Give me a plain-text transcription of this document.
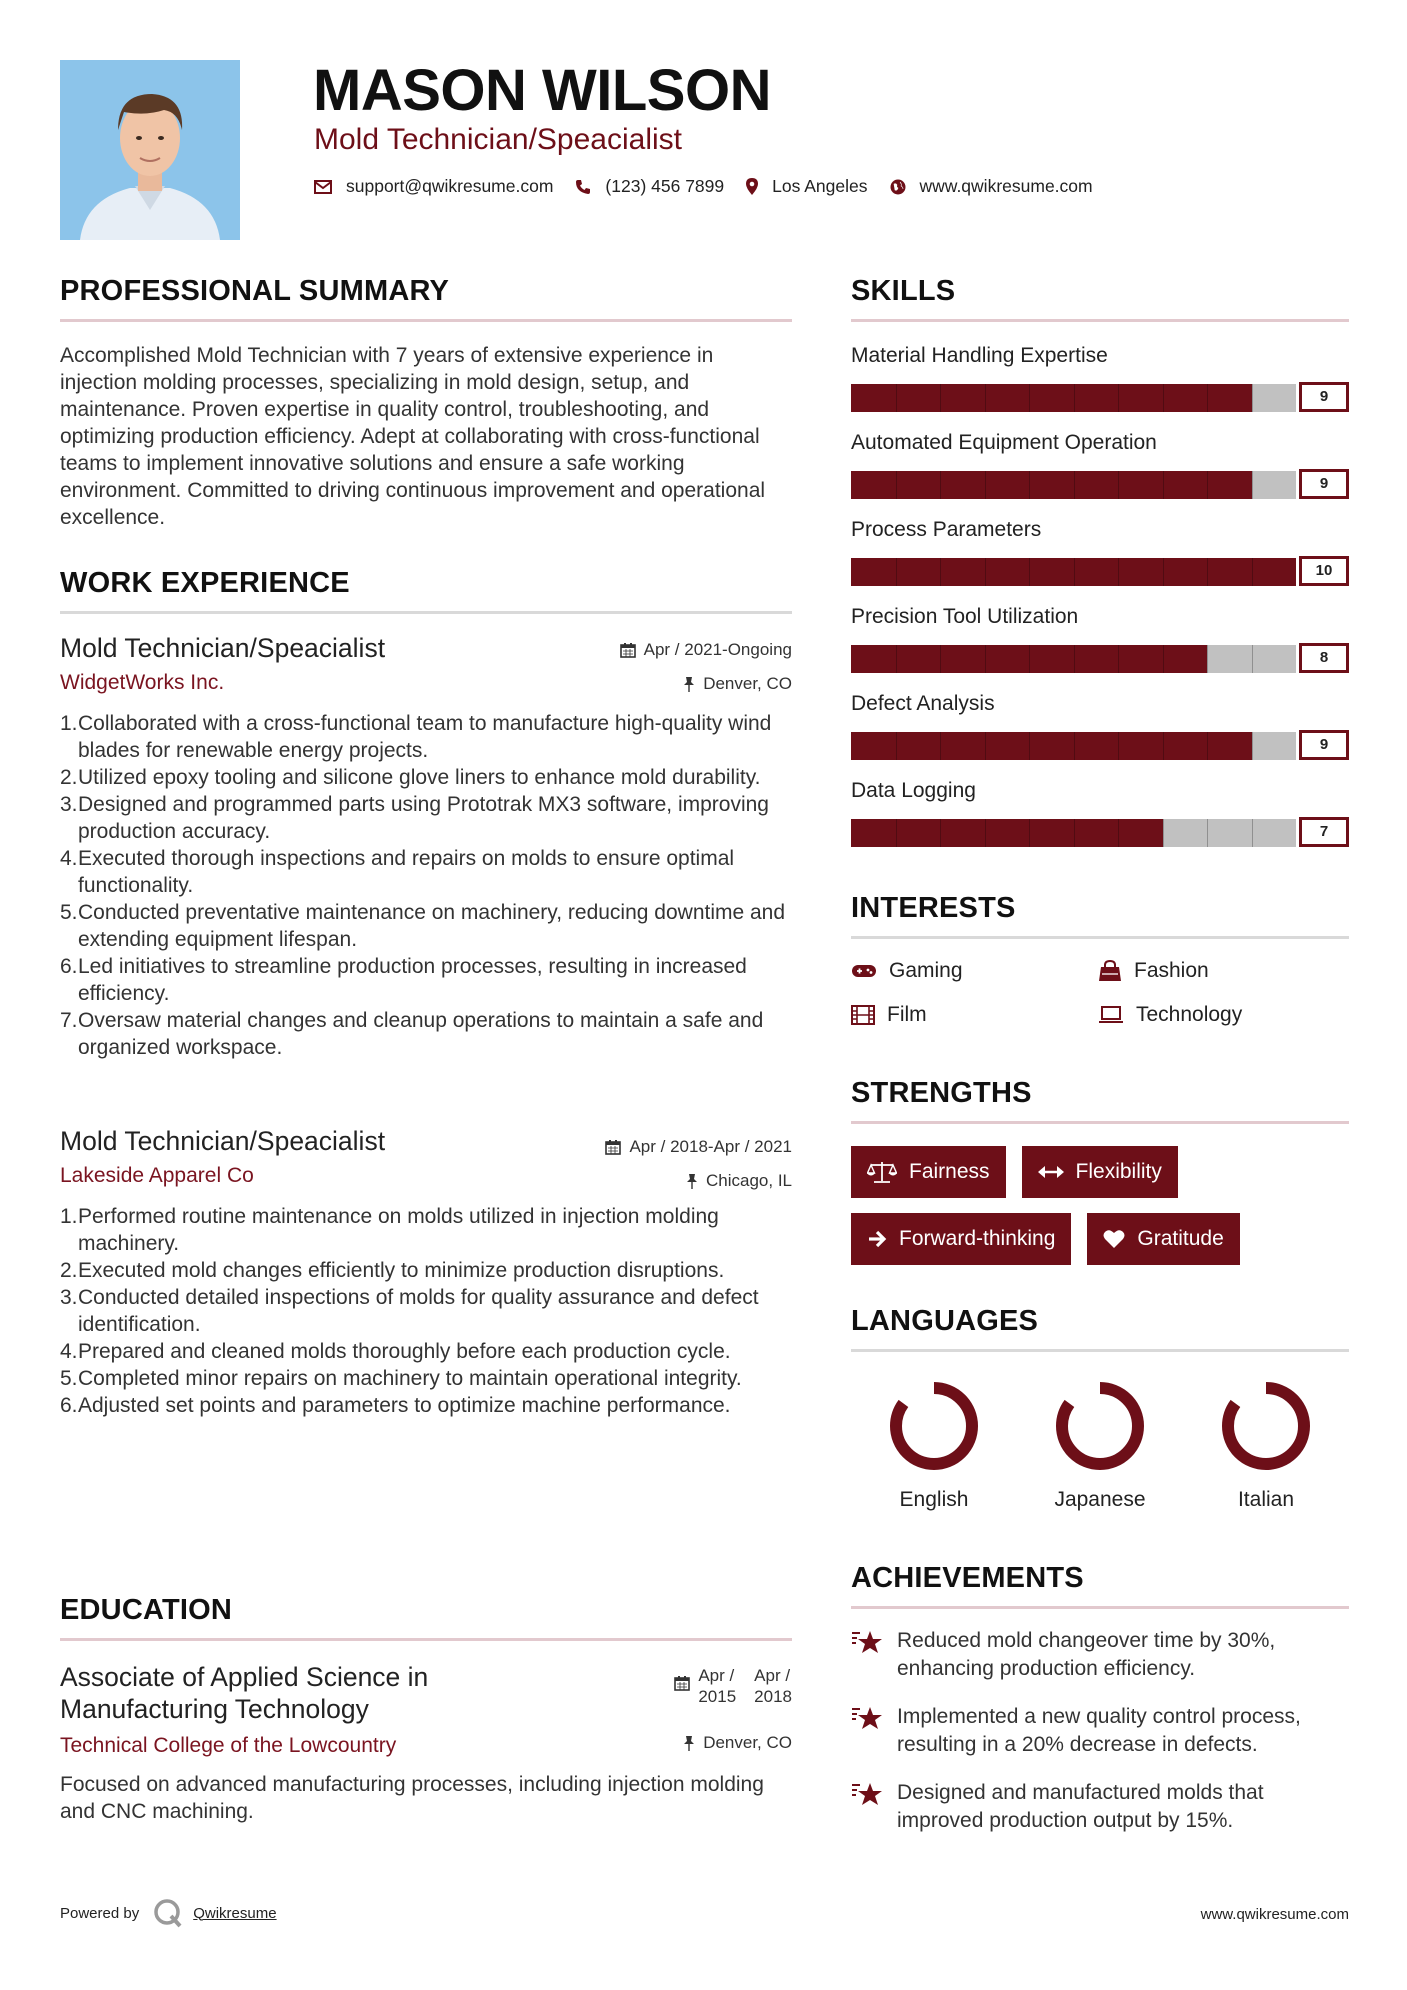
MASON WILSON
Mold Technician/Speacialist
support@qwikresume.com	(123) 456 7899	Los Angeles	www.qwikresume.com
PROFESSIONAL SUMMARY
Accomplished Mold Technician with 7 years of extensive experience in injection molding processes, specializing in mold design, setup, and maintenance. Proven expertise in quality control, troubleshooting, and optimizing production efficiency. Adept at collaborating with cross-functional teams to implement innovative solutions and ensure a safe working environment. Committed to driving continuous improvement and operational excellence.
WORK EXPERIENCE
Apr / 2021-Ongoing
Denver, CO
Mold Technician/Speacialist
WidgetWorks Inc.
1.
Collaborated with a cross-functional team to manufacture high-quality wind blades for renewable energy projects.
2.
Utilized epoxy tooling and silicone glove liners to enhance mold durability.
3.
Designed and programmed parts using Prototrak MX3 software, improving production accuracy.
4.
Executed thorough inspections and repairs on molds to ensure optimal functionality.
5.
Conducted preventative maintenance on machinery, reducing downtime and extending equipment lifespan.
6.
Led initiatives to streamline production processes, resulting in increased efficiency.
7.
Oversaw material changes and cleanup operations to maintain a safe and organized workspace.
Apr / 2018-Apr / 2021
Chicago, IL
Mold Technician/Speacialist
Lakeside Apparel Co
1.
Performed routine maintenance on molds utilized in injection molding machinery.
2.
Executed mold changes efficiently to minimize production disruptions.
3.
Conducted detailed inspections of molds for quality assurance and defect identification.
4.
Prepared and cleaned molds thoroughly before each production cycle.
5.
Completed minor repairs on machinery to maintain operational integrity.
6.
Adjusted set points and parameters to optimize machine performance.
EDUCATION
Apr /
2015
Apr /
2018
Denver, CO
Associate of Applied Science in
Manufacturing Technology
Technical College of the Lowcountry
Focused on advanced manufacturing processes, including injection molding and CNC machining.
SKILLS
Material Handling Expertise
9
Automated Equipment Operation
9
Process Parameters
10
Precision Tool Utilization
8
Defect Analysis
9
Data Logging
7
INTERESTS
Gaming	Fashion
Film	Technology
STRENGTHS
Fairness	Flexibility
Forward-thinking	Gratitude
LANGUAGES
English	Japanese	Italian
ACHIEVEMENTS
Reduced mold changeover time by 30%, enhancing production efficiency.
Implemented a new quality control process, resulting in a 20% decrease in defects.
Designed and manufactured molds that improved production output by 15%.
Powered by	Qwikresume	www.qwikresume.com
